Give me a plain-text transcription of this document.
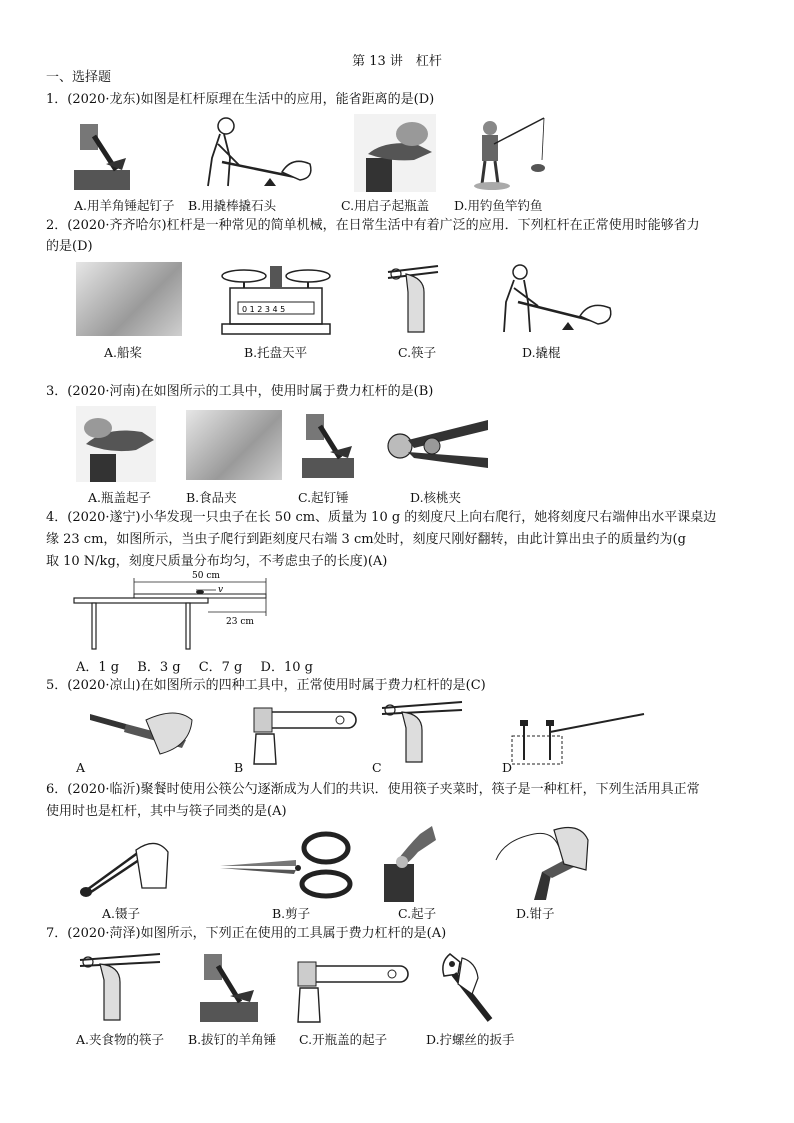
第 13 讲　杠杆
一、选择题
1．(2020·龙东)如图是杠杆原理在生活中的应用，能省距离的是(D)
A.用羊角锤起钉子 B.用撬棒撬石头	C.用启子起瓶盖 D.用钓鱼竿钓鱼
2．(2020·齐齐哈尔)杠杆是一种常见的简单机械，在日常生活中有着广泛的应用．下列杠杆在正常使用时能够省力
的是(D)
0 1 2 3 4 5
A.船桨	B.托盘天平	C.筷子	D.撬棍
3．(2020·河南)在如图所示的工具中，使用时属于费力杠杆的是(B)
A.瓶盖起子	B.食品夹	C.起钉锤	D.核桃夹
4．(2020·遂宁)小华发现一只虫子在长 50 cm、质量为 10 g 的刻度尺上向右爬行，她将刻度尺右端伸出水平课桌边
缘 23 cm，如图所示，当虫子爬行到距刻度尺右端 3 cm处时，刻度尺刚好翻转，由此计算出虫子的质量约为(g
取 10 N/kg，刻度尺质量分布均匀，不考虑虫子的长度)(A)
50 cm
v
23 cm
A．1 g B．3 g C．7 g D．10 g
5．(2020·凉山)在如图所示的四种工具中，正常使用时属于费力杠杆的是(C)
A	B	C	D
6．(2020·临沂)聚餐时使用公筷公勺逐渐成为人们的共识．使用筷子夹菜时，筷子是一种杠杆，下列生活用具正常
使用时也是杠杆，其中与筷子同类的是(A)
A.镊子	B.剪子	C.起子	D.钳子
7．(2020·菏泽)如图所示，下列正在使用的工具属于费力杠杆的是(A)
A.夹食物的筷子 B.拔钉的羊角锤 C.开瓶盖的起子	D.拧螺丝的扳手
